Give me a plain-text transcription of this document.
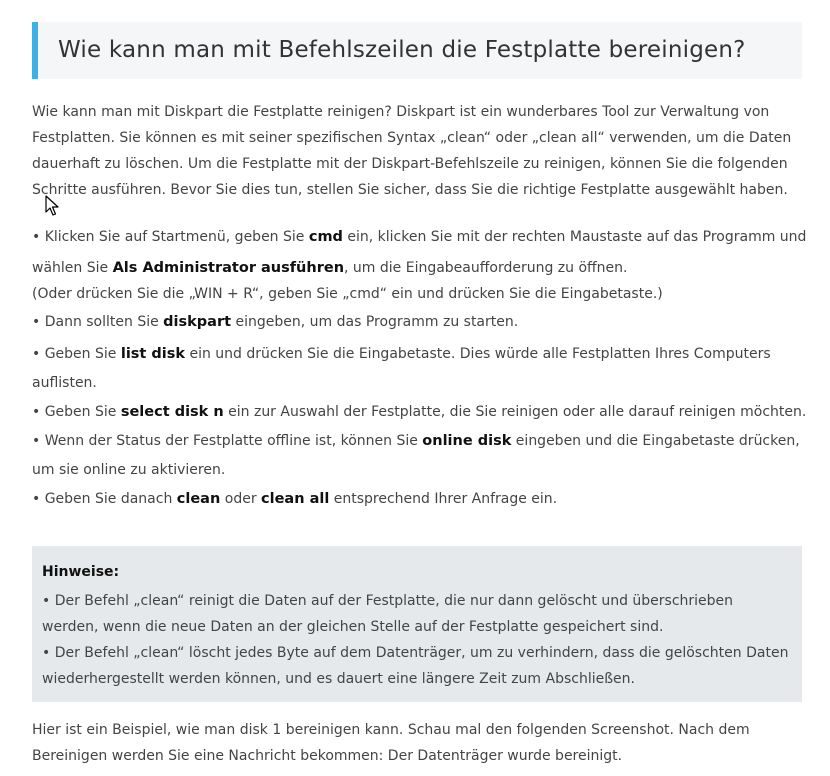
Wie kann man mit Befehlszeilen die Festplatte bereinigen?

Wie kann man mit Diskpart die Festplatte reinigen? Diskpart ist ein wunderbares Tool zur Verwaltung von Festplatten. Sie können es mit seiner spezifischen Syntax „clean“ oder „clean all“ verwenden, um die Daten dauerhaft zu löschen. Um die Festplatte mit der Diskpart-Befehlszeile zu reinigen, können Sie die folgenden Schritte ausführen. Bevor Sie dies tun, stellen Sie sicher, dass Sie die richtige Festplatte ausgewählt haben.

• Klicken Sie auf Startmenü, geben Sie cmd ein, klicken Sie mit der rechten Maustaste auf das Programm und wählen Sie Als Administrator ausführen, um die Eingabeaufforderung zu öffnen.

(Oder drücken Sie die „WIN + R“, geben Sie „cmd“ ein und drücken Sie die Eingabetaste.)

• Dann sollten Sie diskpart eingeben, um das Programm zu starten.

• Geben Sie list disk ein und drücken Sie die Eingabetaste. Dies würde alle Festplatten Ihres Computers auflisten.

• Geben Sie select disk n ein zur Auswahl der Festplatte, die Sie reinigen oder alle darauf reinigen möchten.

• Wenn der Status der Festplatte offline ist, können Sie online disk eingeben und die Eingabetaste drücken, um sie online zu aktivieren.

• Geben Sie danach clean oder clean all entsprechend Ihrer Anfrage ein.

Hinweise:

• Der Befehl „clean“ reinigt die Daten auf der Festplatte, die nur dann gelöscht und überschrieben werden, wenn die neue Daten an der gleichen Stelle auf der Festplatte gespeichert sind.

• Der Befehl „clean“ löscht jedes Byte auf dem Datenträger, um zu verhindern, dass die gelöschten Daten wiederhergestellt werden können, und es dauert eine längere Zeit zum Abschließen.

Hier ist ein Beispiel, wie man disk 1 bereinigen kann. Schau mal den folgenden Screenshot. Nach dem Bereinigen werden Sie eine Nachricht bekommen: Der Datenträger wurde bereinigt.
